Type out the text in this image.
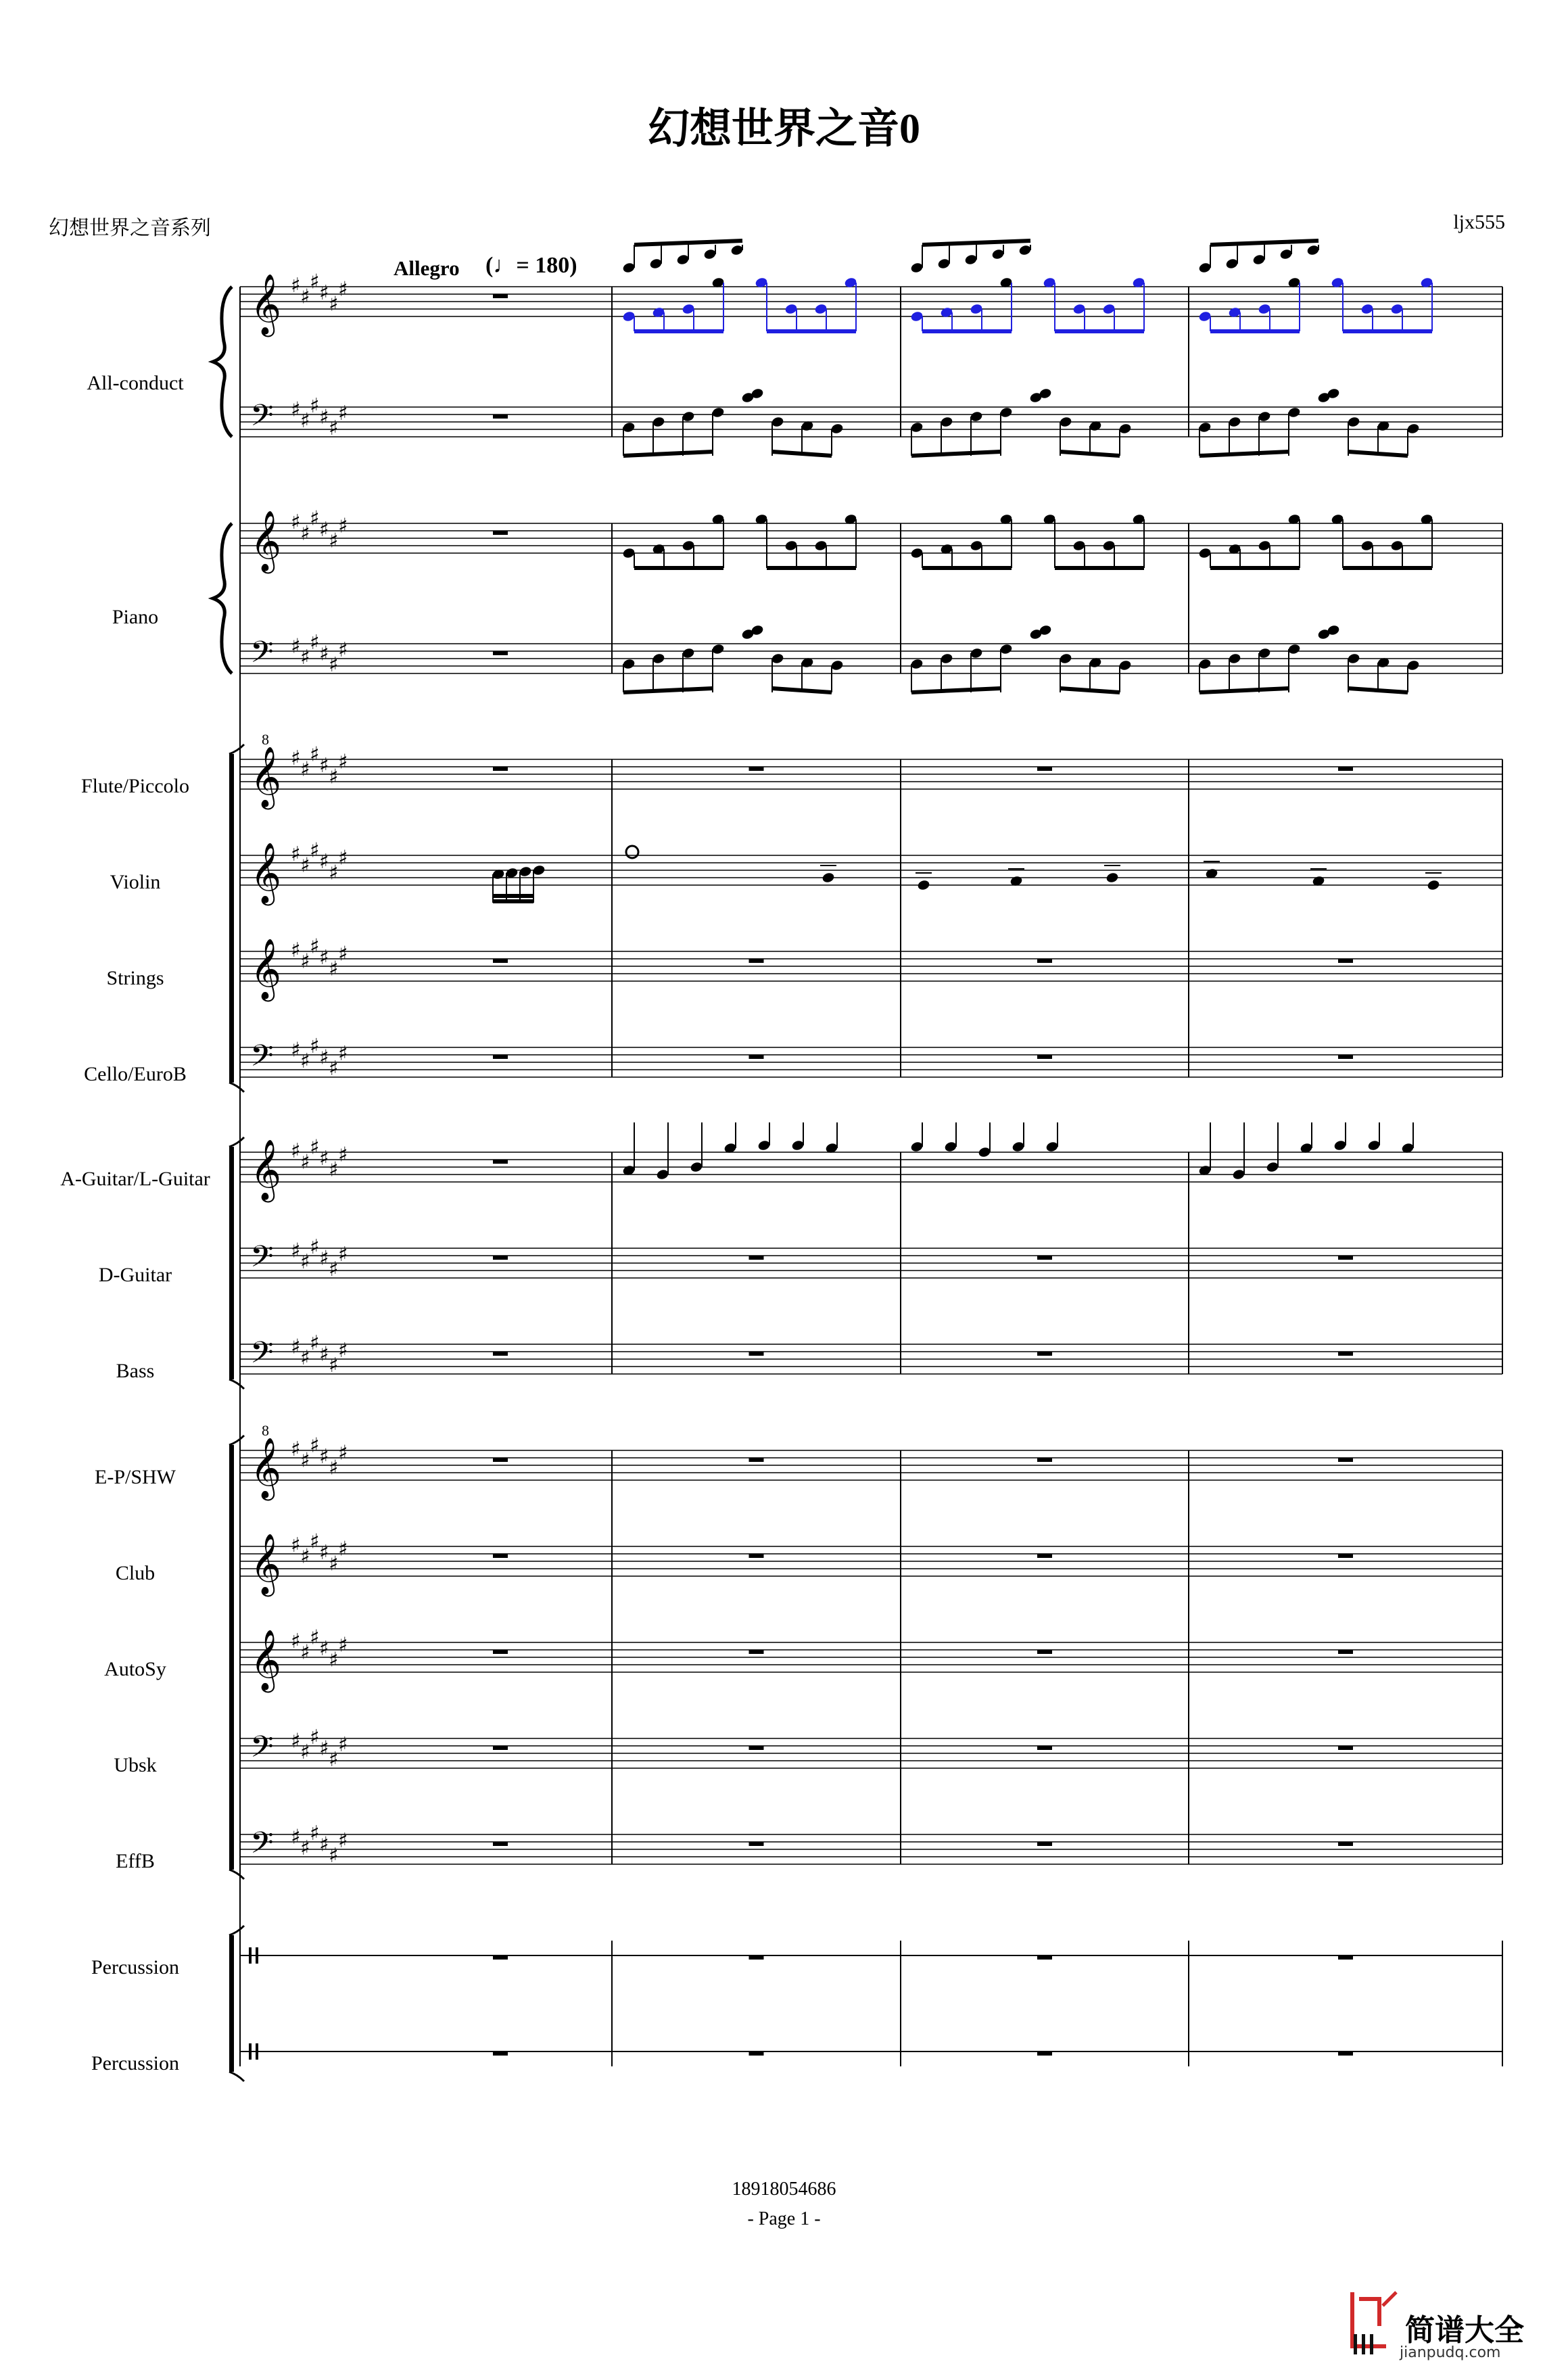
幻想世界之音0
幻想世界之音系列	ljx555
Allegro (♩= 180)
All-conduct
Piano
Flute/Piccolo
Violin
Strings
Cello/EuroB
A-Guitar/L-Guitar
D-Guitar
Bass
E-P/SHW
Club
AutoSy
Ubsk
EffB
Percussion
Percussion
𝄞 ♯ ♯
♯ ♯ ♯
♯
𝄢 ♯ ♯
♯ ♯ ♯
♯
𝄞 ♯ ♯
♯ ♯ ♯
♯
𝄢 ♯ ♯
♯ ♯ ♯
♯
𝄞 ♯ ♯
♯ ♯ ♯
♯
𝄞 ♯ ♯
♯ ♯ ♯
♯
𝄞 ♯ ♯
♯ ♯ ♯
♯
𝄢 ♯ ♯
♯ ♯ ♯
♯
𝄞 ♯ ♯
♯ ♯ ♯
♯
𝄢 ♯ ♯
♯ ♯ ♯
♯
𝄢 ♯ ♯
♯ ♯ ♯
♯
𝄞 ♯ ♯
♯ ♯ ♯
♯
𝄞 ♯ ♯
♯ ♯ ♯
♯
𝄞 ♯ ♯
♯ ♯ ♯
♯
𝄢 ♯ ♯
♯ ♯ ♯
♯
𝄢 ♯ ♯
♯ ♯ ♯
♯
8
8
18918054686
- Page 1 -
简谱大全
jianpudq.com
